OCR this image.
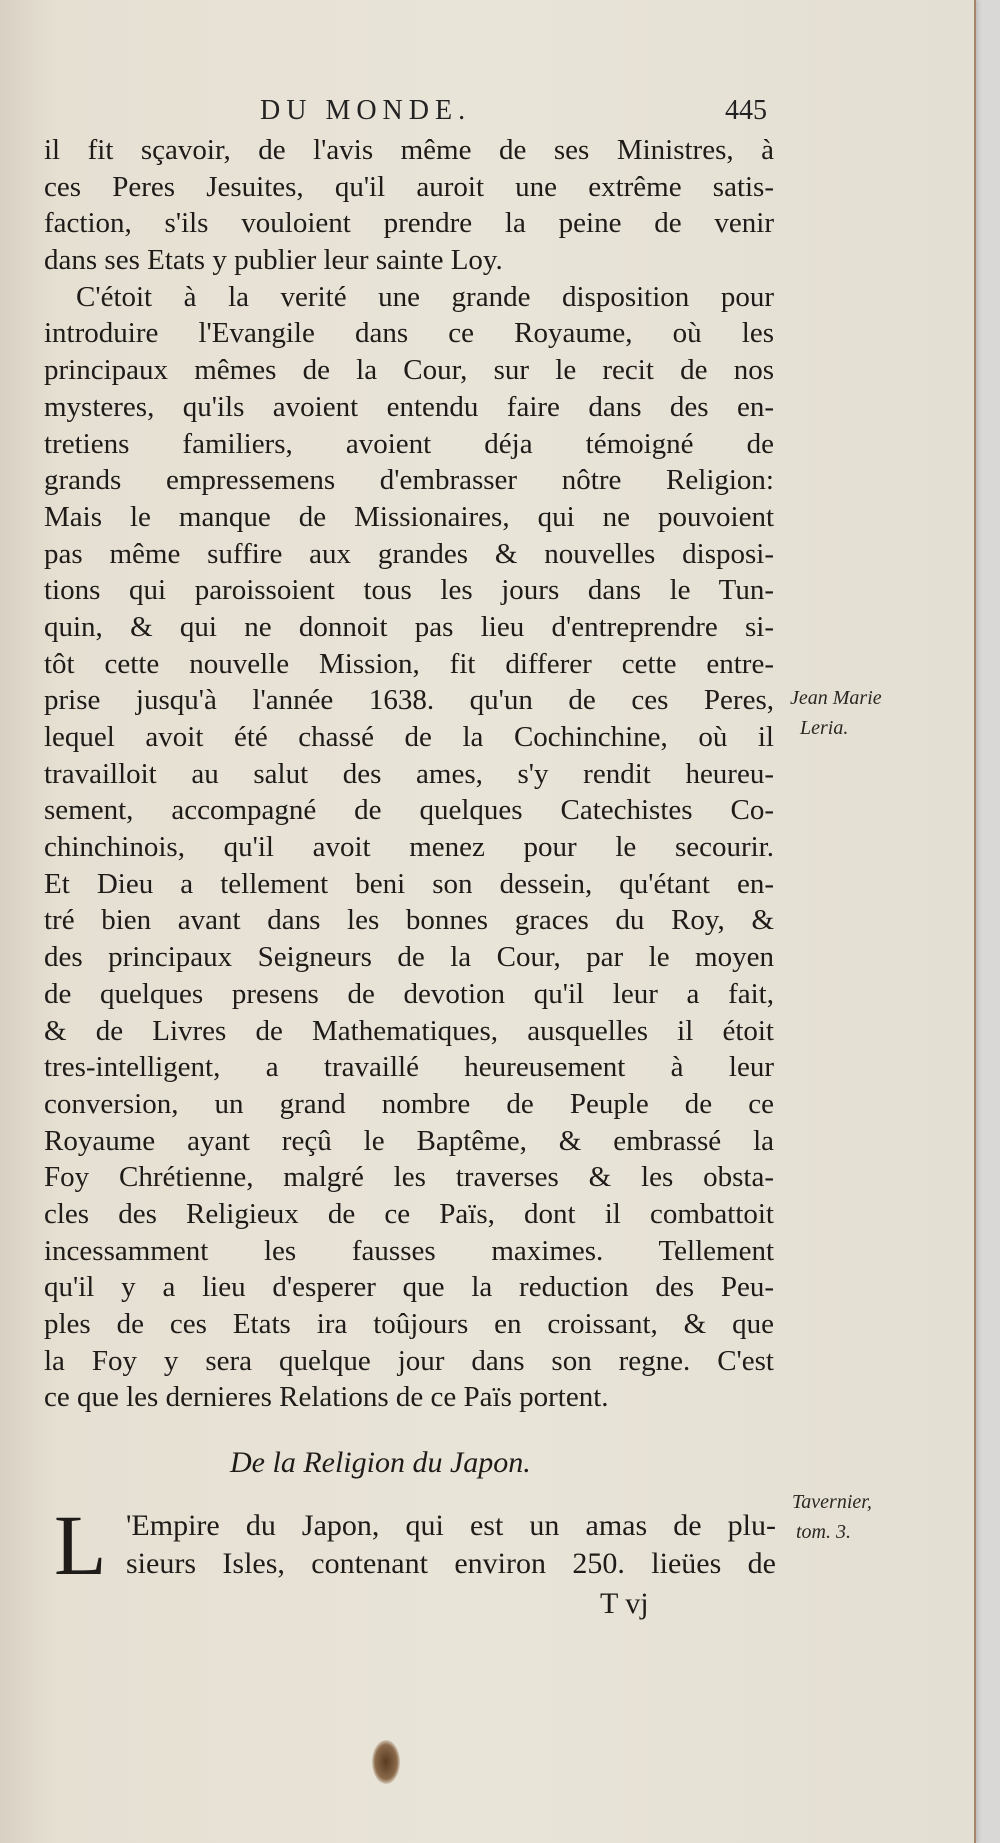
DU MONDE.	445
il fit sçavoir, de l'avis même de ses Ministres, à
ces Peres Jesuites, qu'il auroit une extrême satis-
faction, s'ils vouloient prendre la peine de venir
dans ses Etats y publier leur sainte Loy.
C'étoit à la verité une grande disposition pour
introduire l'Evangile dans ce Royaume, où les
principaux mêmes de la Cour, sur le recit de nos
mysteres, qu'ils avoient entendu faire dans des en-
tretiens familiers, avoient déja témoigné de
grands empressemens d'embrasser nôtre Religion:
Mais le manque de Missionaires, qui ne pouvoient
pas même suffire aux grandes & nouvelles disposi-
tions qui paroissoient tous les jours dans le Tun-
quin, & qui ne donnoit pas lieu d'entreprendre si-
tôt cette nouvelle Mission, fit differer cette entre-
prise jusqu'à l'année 1638. qu'un de ces Peres,
lequel avoit été chassé de la Cochinchine, où il
travailloit au salut des ames, s'y rendit heureu-
sement, accompagné de quelques Catechistes Co-
chinchinois, qu'il avoit menez pour le secourir.
Et Dieu a tellement beni son dessein, qu'étant en-
tré bien avant dans les bonnes graces du Roy, &
des principaux Seigneurs de la Cour, par le moyen
de quelques presens de devotion qu'il leur a fait,
& de Livres de Mathematiques, ausquelles il étoit
tres-intelligent, a travaillé heureusement à leur
conversion, un grand nombre de Peuple de ce
Royaume ayant reçû le Baptême, & embrassé la
Foy Chrétienne, malgré les traverses & les obsta-
cles des Religieux de ce Païs, dont il combattoit
incessamment les fausses maximes. Tellement
qu'il y a lieu d'esperer que la reduction des Peu-
ples de ces Etats ira toûjours en croissant, & que
la Foy y sera quelque jour dans son regne. C'est
ce que les dernieres Relations de ce Païs portent.
Jean Marie
Leria.
De la Religion du Japon.
L 'Empire du Japon, qui est un amas de plu-
sieurs Isles, contenant environ 250. lieües de
Tavernier,
tom. 3.
T vj
